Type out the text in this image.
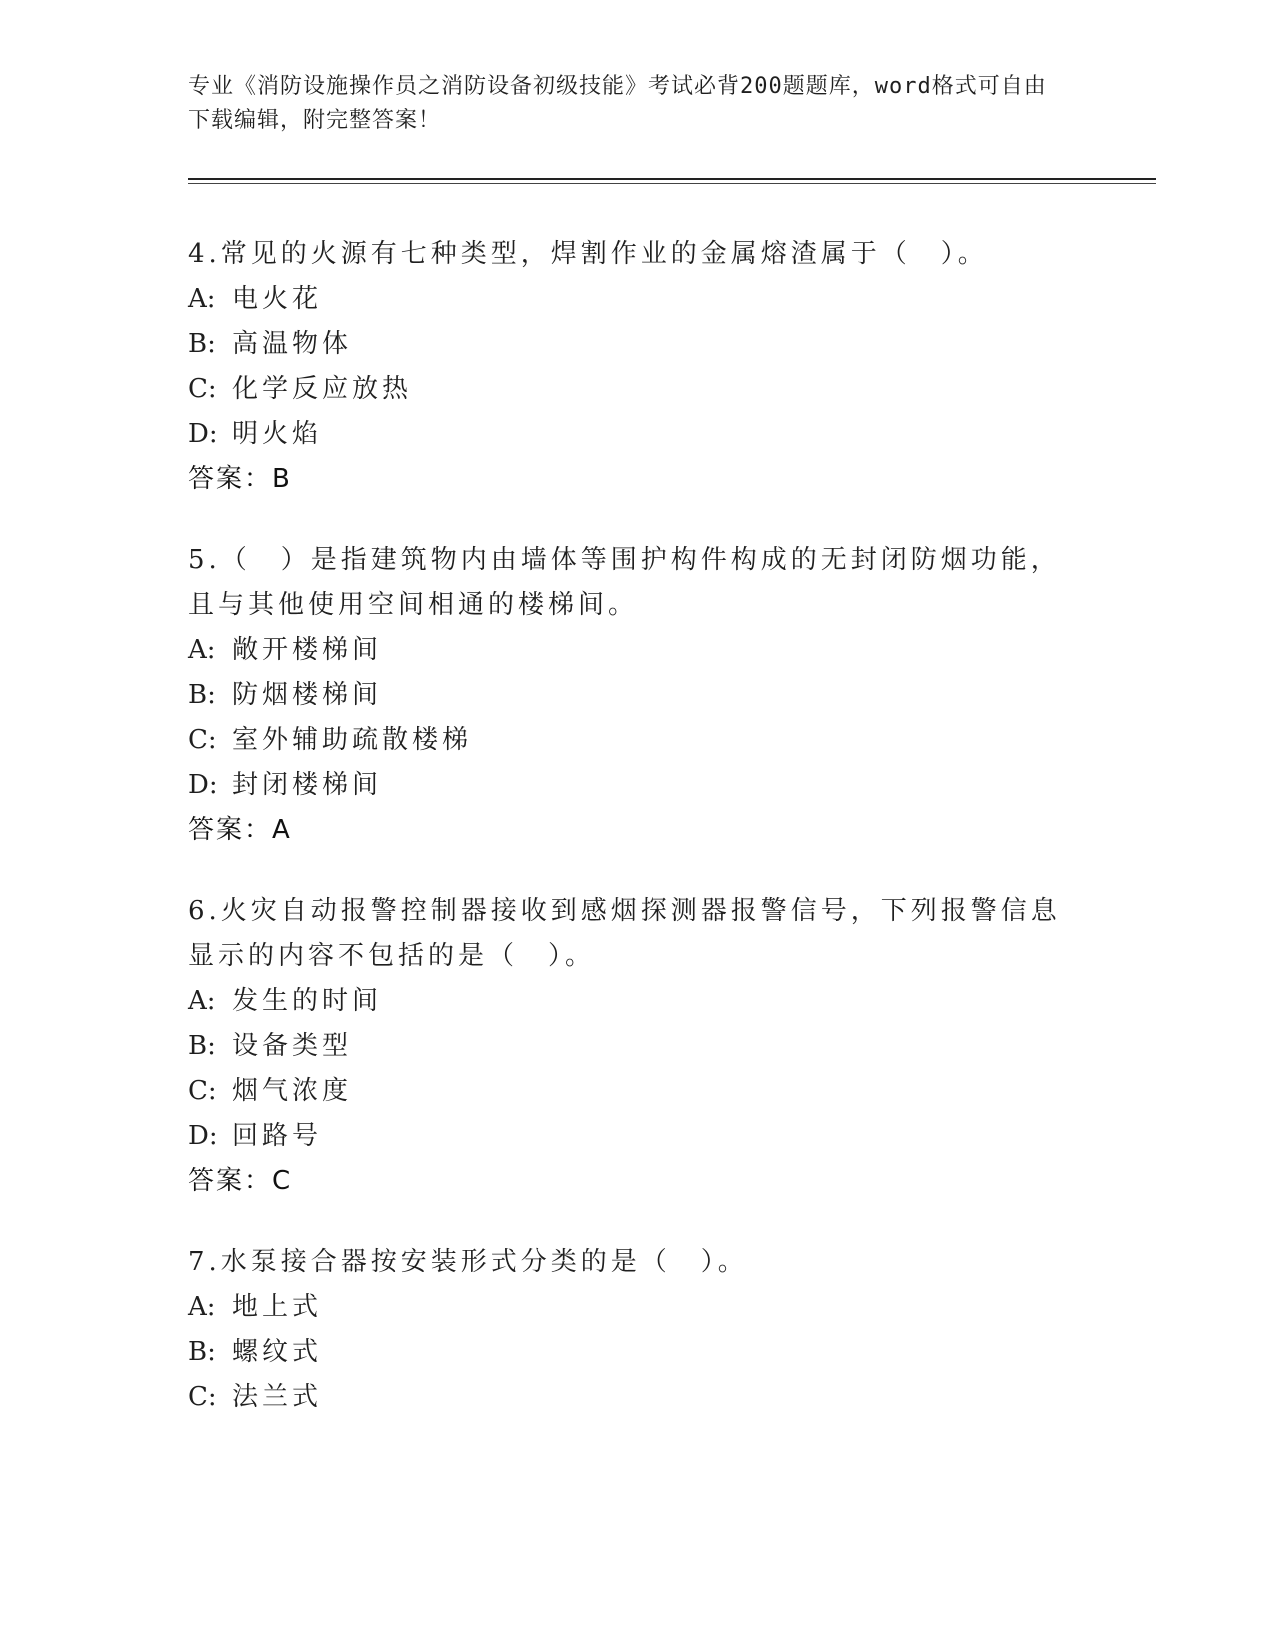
专业《消防设施操作员之消防设备初级技能》考试必背200题题库，word格式可自由下载编辑，附完整答案！
4.常见的火源有七种类型，焊割作业的金属熔渣属于（　）。
A: 电火花
B: 高温物体
C: 化学反应放热
D: 明火焰
答案：B
5.（　）是指建筑物内由墙体等围护构件构成的无封闭防烟功能，且与其他使用空间相通的楼梯间。
A: 敞开楼梯间
B: 防烟楼梯间
C: 室外辅助疏散楼梯
D: 封闭楼梯间
答案：A
6.火灾自动报警控制器接收到感烟探测器报警信号，下列报警信息显示的内容不包括的是（　）。
A: 发生的时间
B: 设备类型
C: 烟气浓度
D: 回路号
答案：C
7.水泵接合器按安装形式分类的是（　）。
A: 地上式
B: 螺纹式
C: 法兰式
